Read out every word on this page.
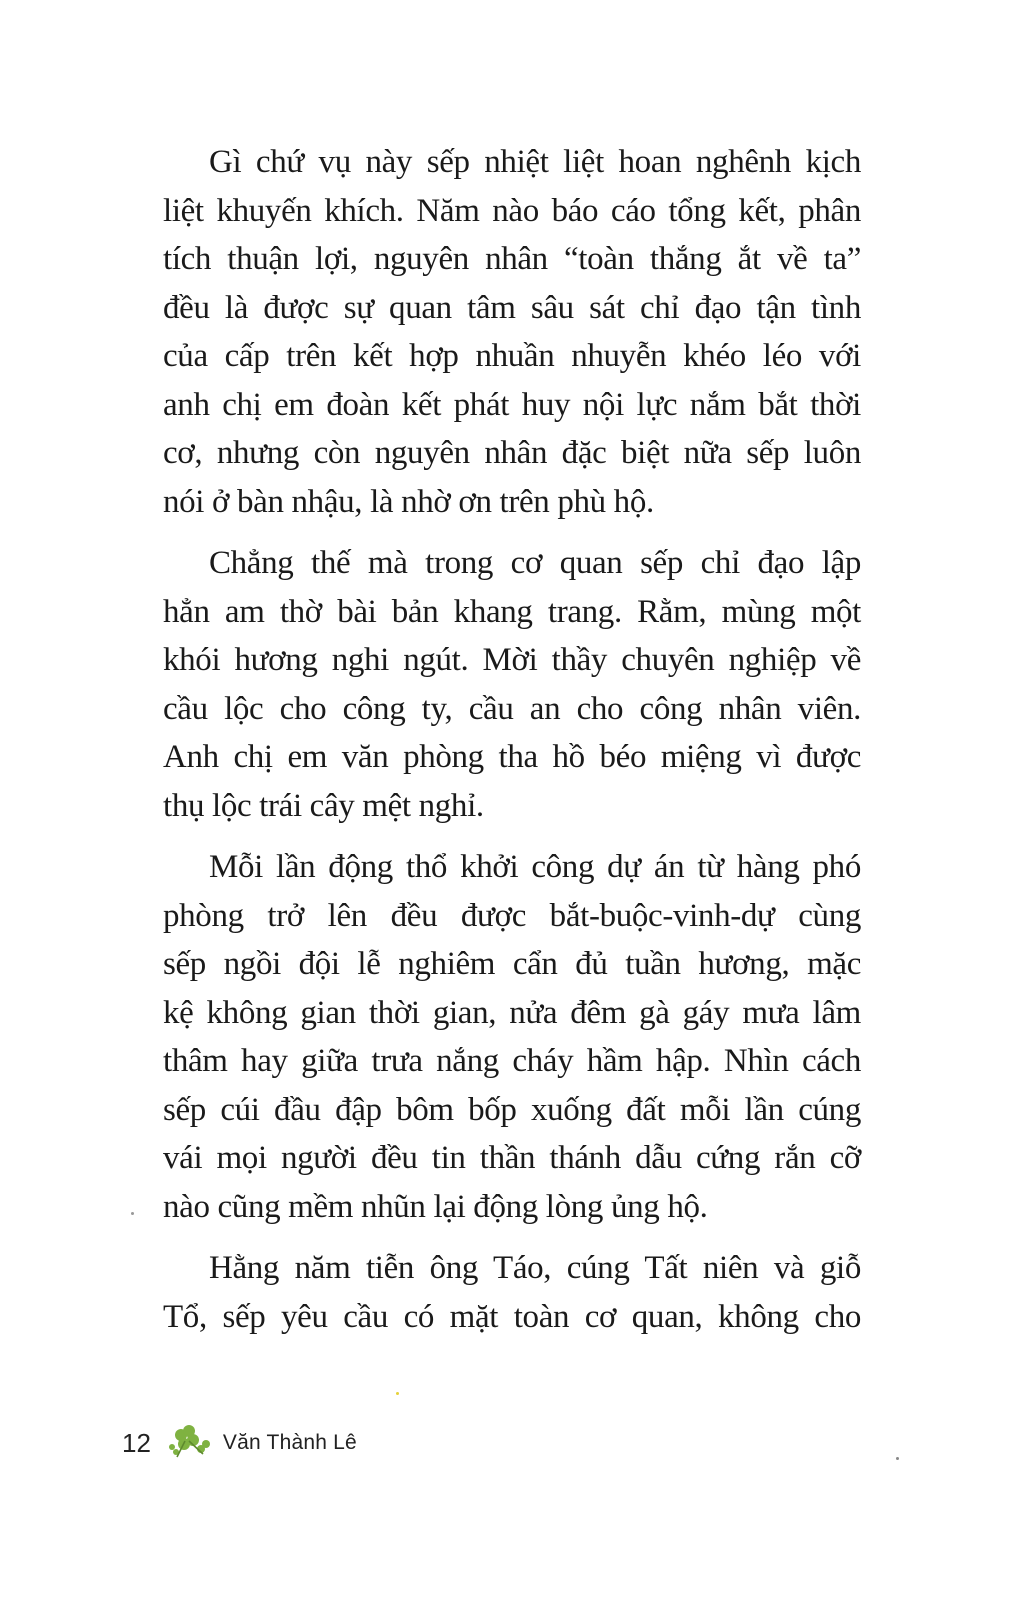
Gì chứ vụ này sếp nhiệt liệt hoan nghênh kịch
liệt khuyến khích. Năm nào báo cáo tổng kết, phân
tích thuận lợi, nguyên nhân “toàn thắng ắt về ta”
đều là được sự quan tâm sâu sát chỉ đạo tận tình
của cấp trên kết hợp nhuần nhuyễn khéo léo với
anh chị em đoàn kết phát huy nội lực nắm bắt thời
cơ, nhưng còn nguyên nhân đặc biệt nữa sếp luôn
nói ở bàn nhậu, là nhờ ơn trên phù hộ.

Chẳng thế mà trong cơ quan sếp chỉ đạo lập
hẳn am thờ bài bản khang trang. Rằm, mùng một
khói hương nghi ngút. Mời thầy chuyên nghiệp về
cầu lộc cho công ty, cầu an cho công nhân viên.
Anh chị em văn phòng tha hồ béo miệng vì được
thụ lộc trái cây mệt nghỉ.

Mỗi lần động thổ khởi công dự án từ hàng phó
phòng trở lên đều được bắt-buộc-vinh-dự cùng
sếp ngồi đội lễ nghiêm cẩn đủ tuần hương, mặc
kệ không gian thời gian, nửa đêm gà gáy mưa lâm
thâm hay giữa trưa nắng cháy hầm hập. Nhìn cách
sếp cúi đầu đập bôm bốp xuống đất mỗi lần cúng
vái mọi người đều tin thần thánh dẫu cứng rắn cỡ
nào cũng mềm nhũn lại động lòng ủng hộ.

Hằng năm tiễn ông Táo, cúng Tất niên và giỗ
Tổ, sếp yêu cầu có mặt toàn cơ quan, không cho

12	Văn Thành Lê
